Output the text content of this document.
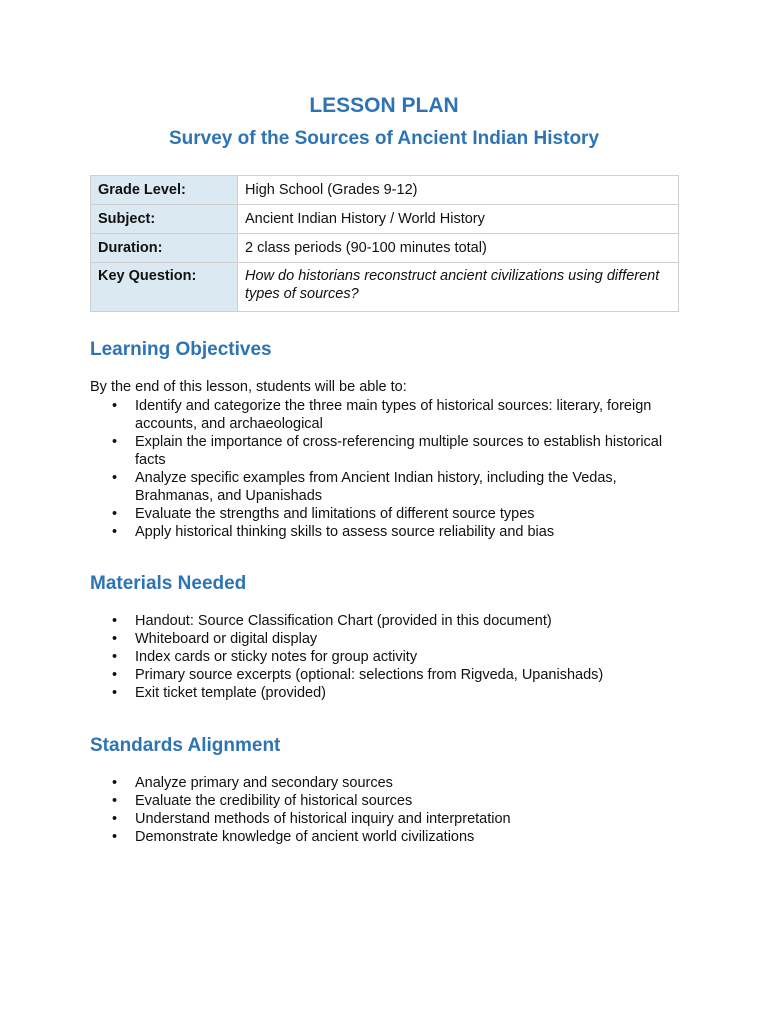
LESSON PLAN
Survey of the Sources of Ancient Indian History
Grade Level:	High School (Grades 9-12)
Subject:	Ancient Indian History / World History
Duration:	2 class periods (90-100 minutes total)
Key Question:	How do historians reconstruct ancient civilizations using different types of sources?
Learning Objectives
By the end of this lesson, students will be able to:
• Identify and categorize the three main types of historical sources: literary, foreign accounts, and archaeological
• Explain the importance of cross-referencing multiple sources to establish historical facts
• Analyze specific examples from Ancient Indian history, including the Vedas, Brahmanas, and Upanishads
• Evaluate the strengths and limitations of different source types
• Apply historical thinking skills to assess source reliability and bias
Materials Needed
• Handout: Source Classification Chart (provided in this document)
• Whiteboard or digital display
• Index cards or sticky notes for group activity
• Primary source excerpts (optional: selections from Rigveda, Upanishads)
• Exit ticket template (provided)
Standards Alignment
• Analyze primary and secondary sources
• Evaluate the credibility of historical sources
• Understand methods of historical inquiry and interpretation
• Demonstrate knowledge of ancient world civilizations
